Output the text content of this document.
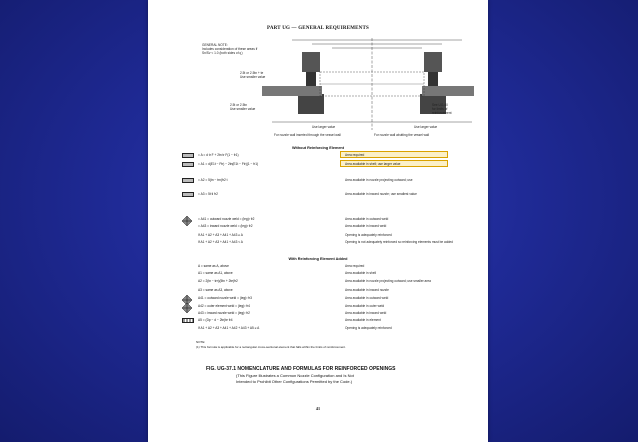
PART UG — GENERAL REQUIREMENTS
GENERAL NOTE:
Includes consideration of these areas if
Sn/Sv < 1.0 (both sides of ℄)
2.5t or 2.5tn + te
Use smaller value
2.5t or 2.5tn
Use smaller value
See UG-40
for limits of
reinforcement
Use larger value	Use larger value
For nozzle wall inserted through the vessel wall	For nozzle wall abutting the vessel wall
Without Reinforcing Element
= A = d tr F + 2tn tr F(1 − fr1)	Area required
= A1 = d(E1t − Ftr) − 2tn(E1t − Ftr)(1 − fr1)	Area available in shell; use larger value
= A2 = 5(tn − trn)fr2 t	Area available in nozzle projecting outward; use
= A3 = 5t ti fr2	Area available in inward nozzle; use smallest value
= A41 = outward nozzle weld = (leg)² fr2	Area available in outward weld
= A43 = inward nozzle weld = (leg)² fr2	Area available in inward weld
If A1 + A2 + A3 + A41 + A43 ≥ A	Opening is adequately reinforced
If A1 + A2 + A3 + A41 + A43 < A	Opening is not adequately reinforced so reinforcing elements must be added
With Reinforcing Element Added
A = same as A, above	Area required
A1 = same as A1, above	Area available in shell
A2 = 2(tn − trn)(5tn + 2te)fr2	Area available in nozzle projecting outward; use smaller area
A3 = same as A3, above	Area available in inward nozzle
A41 = outward nozzle weld = (leg)² fr3	Area available in outward weld
A42 = outer element weld = (leg)² fr4	Area available in outer weld
A43 = inward nozzle weld = (leg)² fr2	Area available in inward weld
A5 = (Dp − d − 2tn)te fr4	Area available in element
If A1 + A2 + A3 + A41 + A42 + A43 + A5 ≥ A	Opening is adequately reinforced
NOTE:
(1) This formula is applicable for a rectangular cross-sectional element that falls within the limits of reinforcement.
FIG. UG-37.1 NOMENCLATURE AND FORMULAS FOR REINFORCED OPENINGS
(This Figure Illustrates a Common Nozzle Configuration and Is Not
Intended to Prohibit Other Configurations Permitted by the Code.)
41
